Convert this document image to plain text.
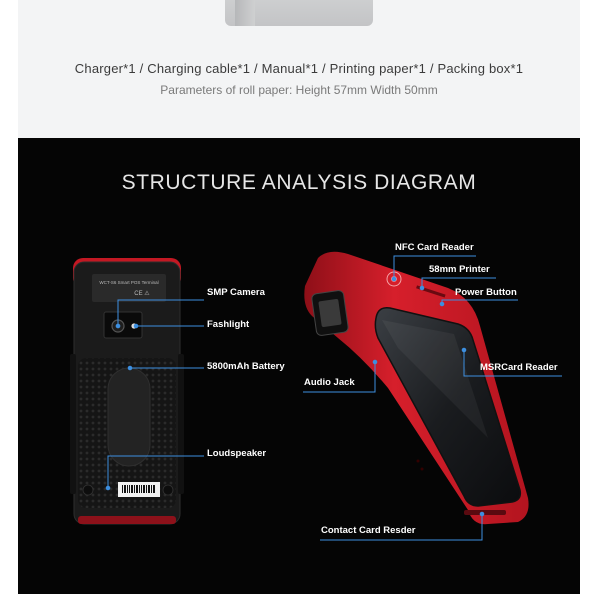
Charger*1 / Charging cable*1 / Manual*1 / Printing paper*1 / Packing box*1
Parameters of roll paper: Height 57mm Width 50mm
STRUCTURE ANALYSIS DIAGRAM
WCT-S6 Smart POS Terminal
CE ⚠	SMP Camera
Fashlight
5800mAh Battery
Loudspeaker
NFC Card Reader
58mm Printer
Power Button
MSRCard Reader
Audio Jack
Contact Card Resder
